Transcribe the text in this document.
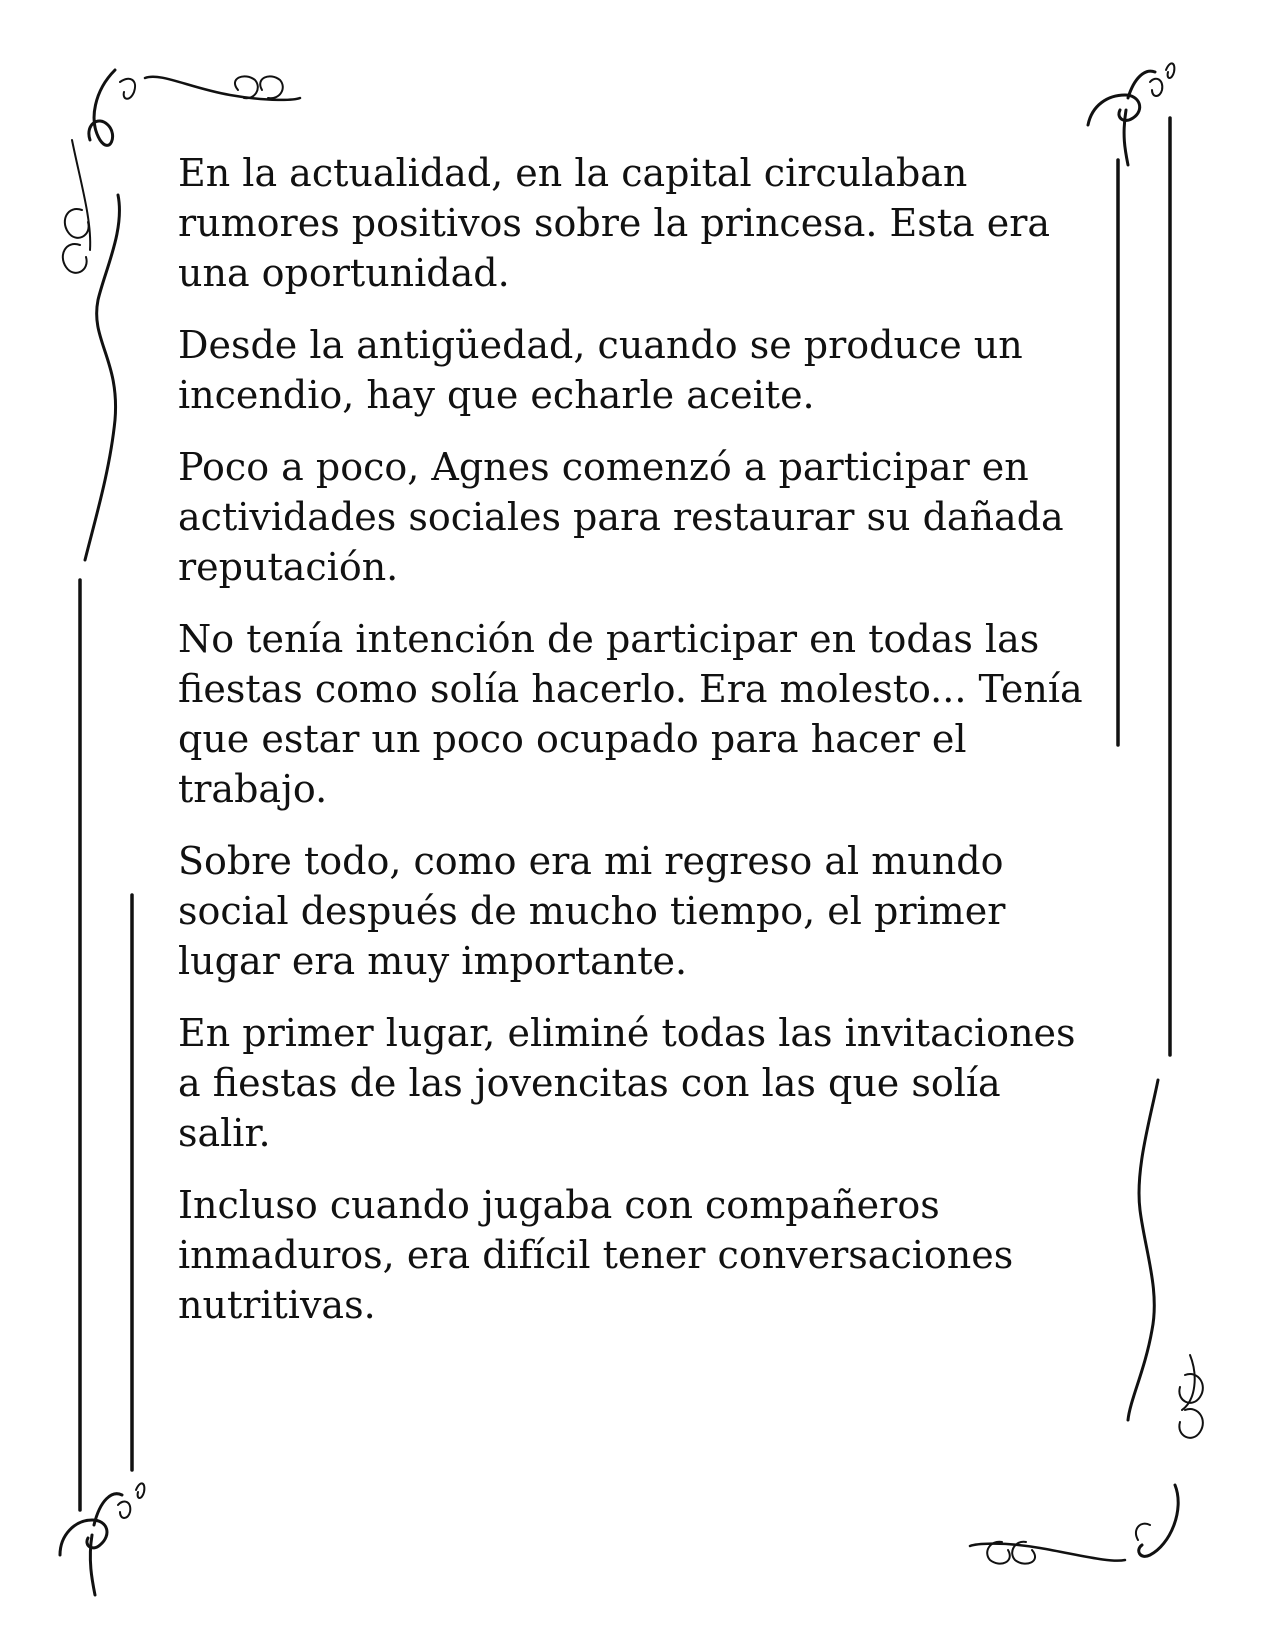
En la actualidad, en la capital circulaban rumores positivos sobre la princesa. Esta era una oportunidad.

Desde la antigüedad, cuando se produce un incendio, hay que echarle aceite.

Poco a poco, Agnes comenzó a participar en actividades sociales para restaurar su dañada reputación.

No tenía intención de participar en todas las fiestas como solía hacerlo. Era molesto... Tenía que estar un poco ocupado para hacer el trabajo.

Sobre todo, como era mi regreso al mundo social después de mucho tiempo, el primer lugar era muy importante.

En primer lugar, eliminé todas las invitaciones a fiestas de las jovencitas con las que solía salir.

Incluso cuando jugaba con compañeros inmaduros, era difícil tener conversaciones nutritivas.
